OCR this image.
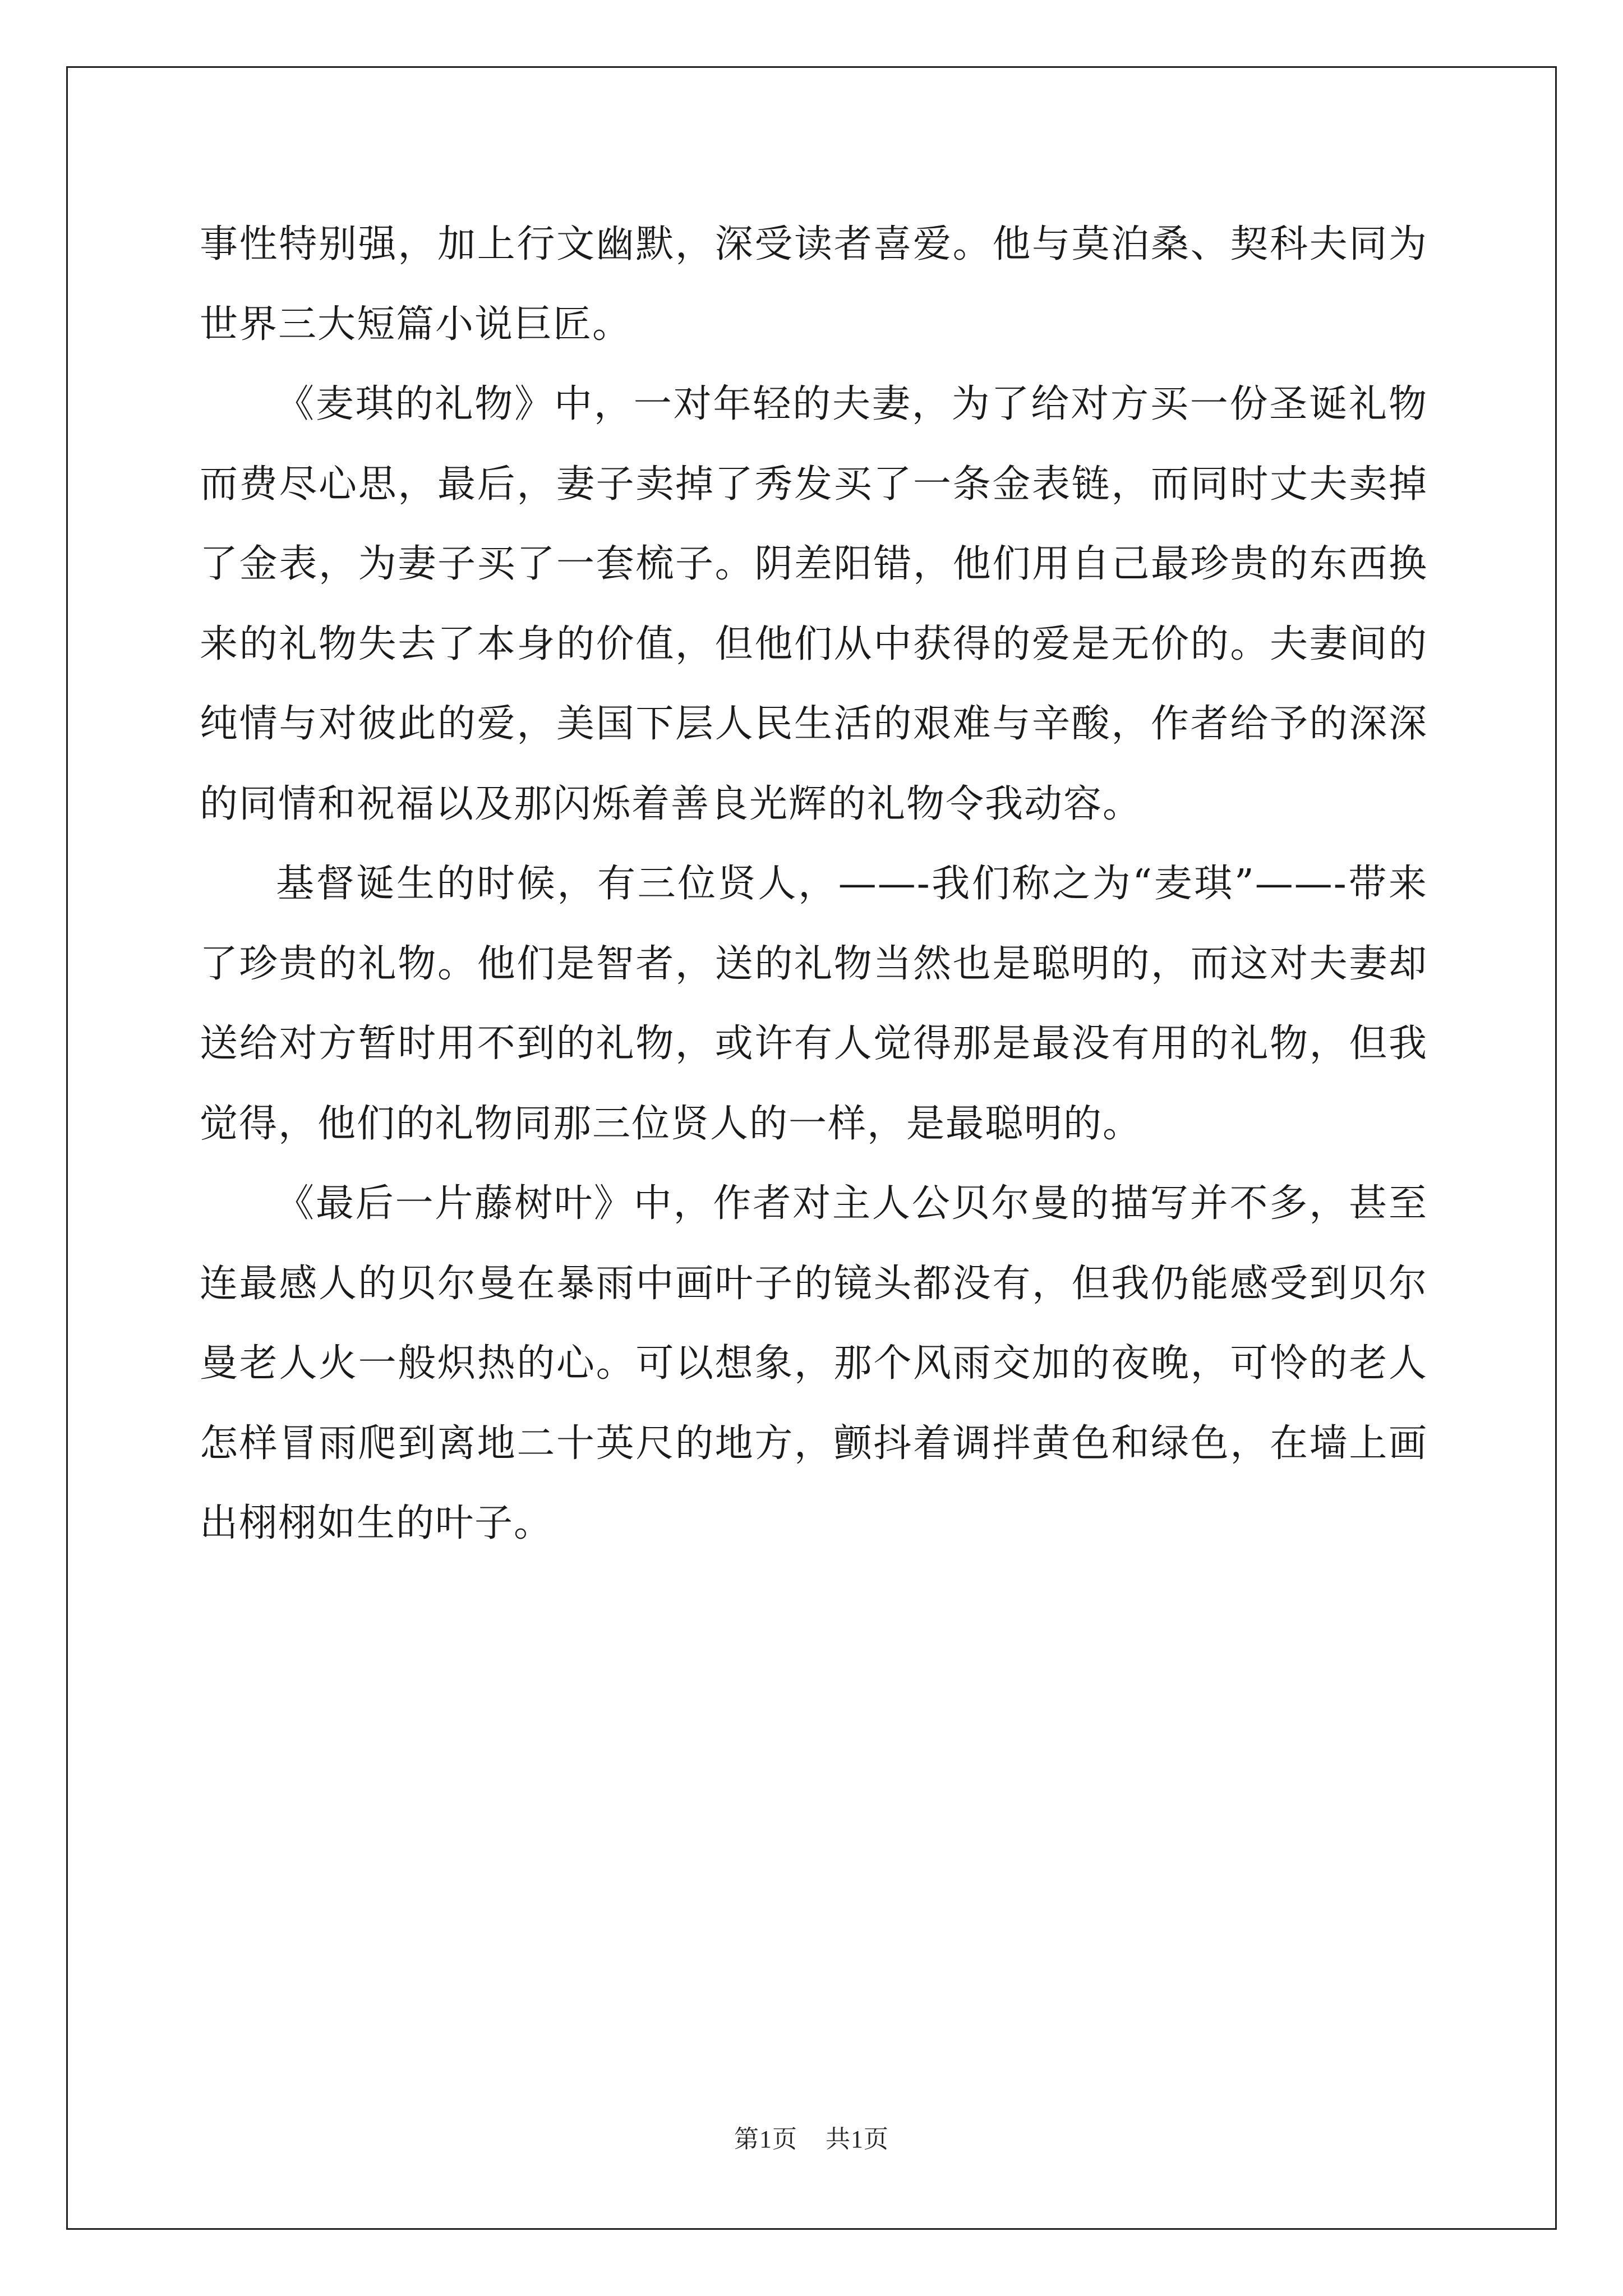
事性特别强，加上行文幽默，深受读者喜爱。他与莫泊桑、契科夫同为世界三大短篇小说巨匠。

《麦琪的礼物》中，一对年轻的夫妻，为了给对方买一份圣诞礼物而费尽心思，最后，妻子卖掉了秀发买了一条金表链，而同时丈夫卖掉了金表，为妻子买了一套梳子。阴差阳错，他们用自己最珍贵的东西换来的礼物失去了本身的价值，但他们从中获得的爱是无价的。夫妻间的纯情与对彼此的爱，美国下层人民生活的艰难与辛酸，作者给予的深深的同情和祝福以及那闪烁着善良光辉的礼物令我动容。

基督诞生的时候，有三位贤人，——-我们称之为“麦琪”——-带来了珍贵的礼物。他们是智者，送的礼物当然也是聪明的，而这对夫妻却送给对方暂时用不到的礼物，或许有人觉得那是最没有用的礼物，但我觉得，他们的礼物同那三位贤人的一样，是最聪明的。

《最后一片藤树叶》中，作者对主人公贝尔曼的描写并不多，甚至连最感人的贝尔曼在暴雨中画叶子的镜头都没有，但我仍能感受到贝尔曼老人火一般炽热的心。可以想象，那个风雨交加的夜晚，可怜的老人怎样冒雨爬到离地二十英尺的地方，颤抖着调拌黄色和绿色，在墙上画出栩栩如生的叶子。

第1页 共1页
